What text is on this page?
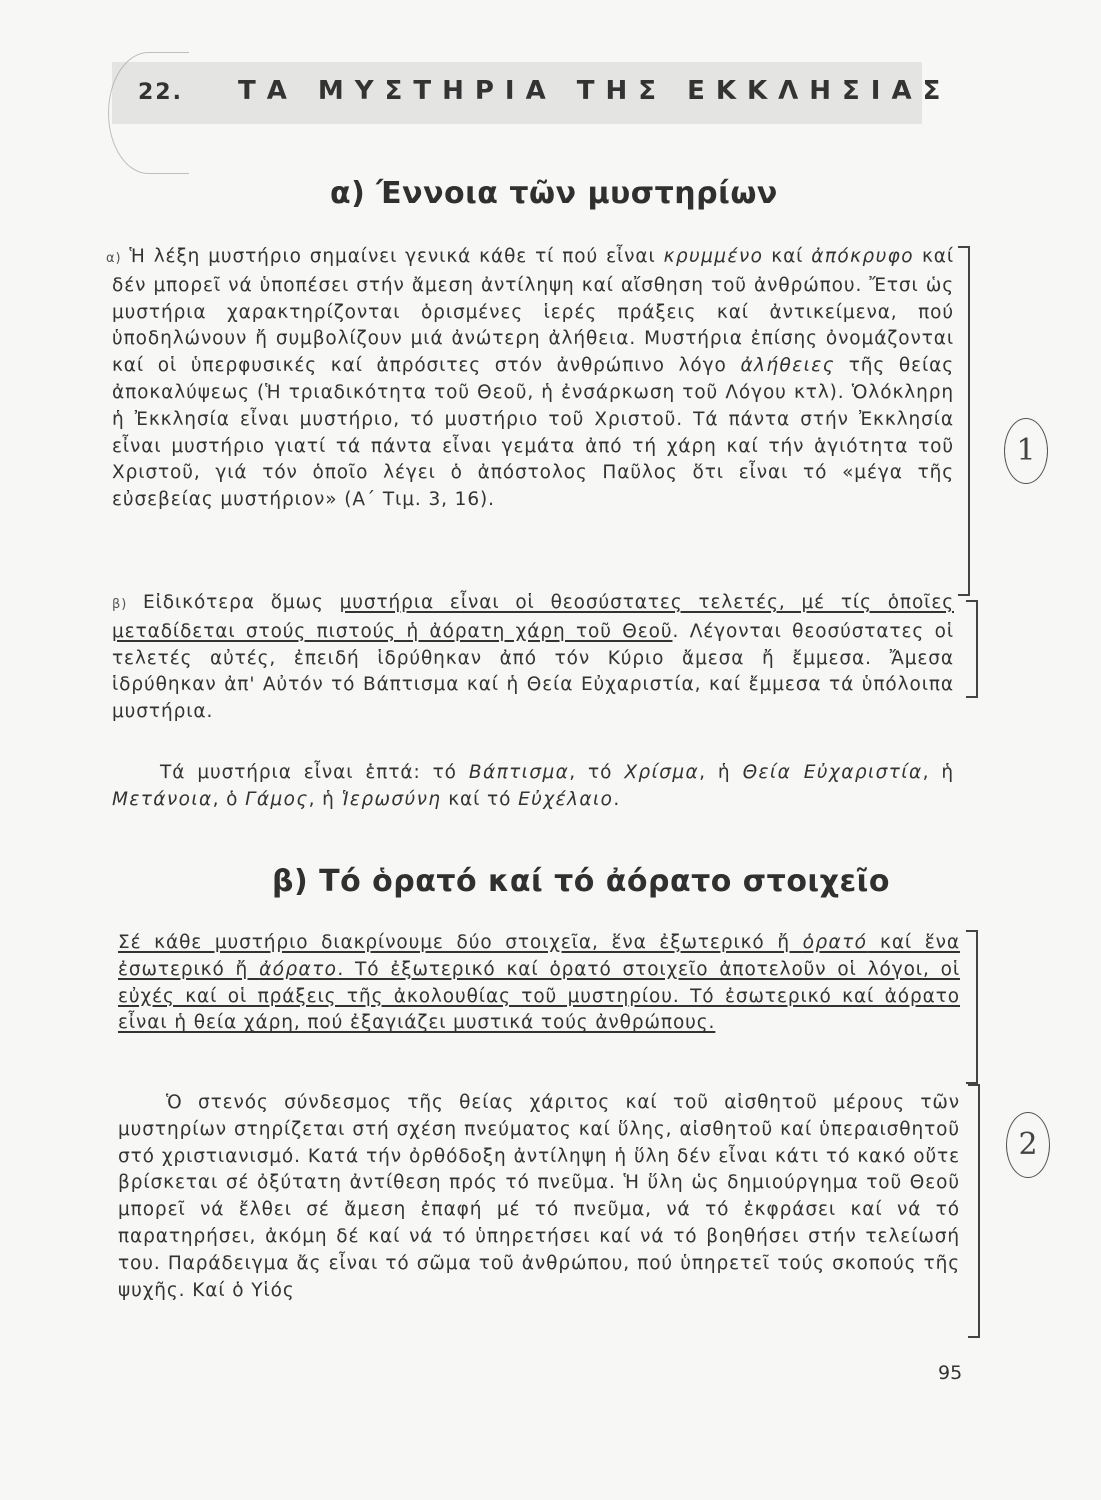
22. ΤΑ ΜΥΣΤΗΡΙΑ ΤΗΣ ΕΚΚΛΗΣΙΑΣ
α) Έννοια τῶν μυστηρίων

α) Ἡ λέξη μυστήριο σημαίνει γενικά κάθε τί πού εἶναι κρυμμένο καί ἀπόκρυφο καί δέν μπορεῖ νά ὑποπέσει στήν ἄμεση ἀντίληψη καί αἴσθηση τοῦ ἀνθρώπου. Ἔτσι ὡς μυστήρια χαρακτηρίζονται ὁρισμένες ἱερές πράξεις καί ἀντικείμενα, πού ὑποδηλώνουν ἤ συμβολίζουν μιά ἀνώτερη ἀλήθεια. Μυστήρια ἐπίσης ὀνομάζονται καί οἱ ὑπερφυσικές καί ἀπρόσιτες στόν ἀνθρώπινο λόγο ἀλήθειες τῆς θείας ἀποκαλύψεως (Ἡ τριαδικότητα τοῦ Θεοῦ, ἡ ἐνσάρκωση τοῦ Λόγου κτλ). Ὁλόκληρη ἡ Ἐκκλησία εἶναι μυστήριο, τό μυστήριο τοῦ Χριστοῦ. Τά πάντα στήν Ἐκκλησία εἶναι μυστήριο γιατί τά πάντα εἶναι γεμάτα ἀπό τή χάρη καί τήν ἁγιότητα τοῦ Χριστοῦ, γιά τόν ὁποῖο λέγει ὁ ἀπόστολος Παῦλος ὅτι εἶναι τό «μέγα τῆς εὐσεβείας μυστήριον» (Α΄ Τιμ. 3, 16).

β) Εἰδικότερα ὅμως μυστήρια εἶναι οἱ θεοσύστατες τελετές, μέ τίς ὁποῖες μεταδίδεται στούς πιστούς ἡ ἀόρατη χάρη τοῦ Θεοῦ. Λέγονται θεοσύστατες οἱ τελετές αὐτές, ἐπειδή ἱδρύθηκαν ἀπό τόν Κύριο ἄμεσα ἤ ἔμμεσα. Ἄμεσα ἱδρύθηκαν ἀπ' Αὐτόν τό Βάπτισμα καί ἡ Θεία Εὐχαριστία, καί ἔμμεσα τά ὑπόλοιπα μυστήρια.

Τά μυστήρια εἶναι ἑπτά: τό Βάπτισμα, τό Χρίσμα, ἡ Θεία Εὐχαριστία, ἡ Μετάνοια, ὁ Γάμος, ἡ Ἱερωσύνη καί τό Εὐχέλαιο.

β) Τό ὁρατό καί τό ἀόρατο στοιχεῖο

Σέ κάθε μυστήριο διακρίνουμε δύο στοιχεῖα, ἕνα ἐξωτερικό ἤ ὁρατό καί ἕνα ἐσωτερικό ἤ ἀόρατο. Τό ἐξωτερικό καί ὁρατό στοιχεῖο ἀποτελοῦν οἱ λόγοι, οἱ εὐχές καί οἱ πράξεις τῆς ἀκολουθίας τοῦ μυστηρίου. Τό ἐσωτερικό καί ἀόρατο εἶναι ἡ θεία χάρη, πού ἐξαγιάζει μυστικά τούς ἀνθρώπους.

Ὁ στενός σύνδεσμος τῆς θείας χάριτος καί τοῦ αἰσθητοῦ μέρους τῶν μυστηρίων στηρίζεται στή σχέση πνεύματος καί ὕλης, αἰσθητοῦ καί ὑπεραισθητοῦ στό χριστιανισμό. Κατά τήν ὀρθόδοξη ἀντίληψη ἡ ὕλη δέν εἶναι κάτι τό κακό οὔτε βρίσκεται σέ ὀξύτατη ἀντίθεση πρός τό πνεῦμα. Ἡ ὕλη ὡς δημιούργημα τοῦ Θεοῦ μπορεῖ νά ἔλθει σέ ἄμεση ἐπαφή μέ τό πνεῦμα, νά τό ἐκφράσει καί νά τό παρατηρήσει, ἀκόμη δέ καί νά τό ὑπηρετήσει καί νά τό βοηθήσει στήν τελείωσή του. Παράδειγμα ἄς εἶναι τό σῶμα τοῦ ἀνθρώπου, πού ὑπηρετεῖ τούς σκοπούς τῆς ψυχῆς. Καί ὁ Υἱός

1
2
95
